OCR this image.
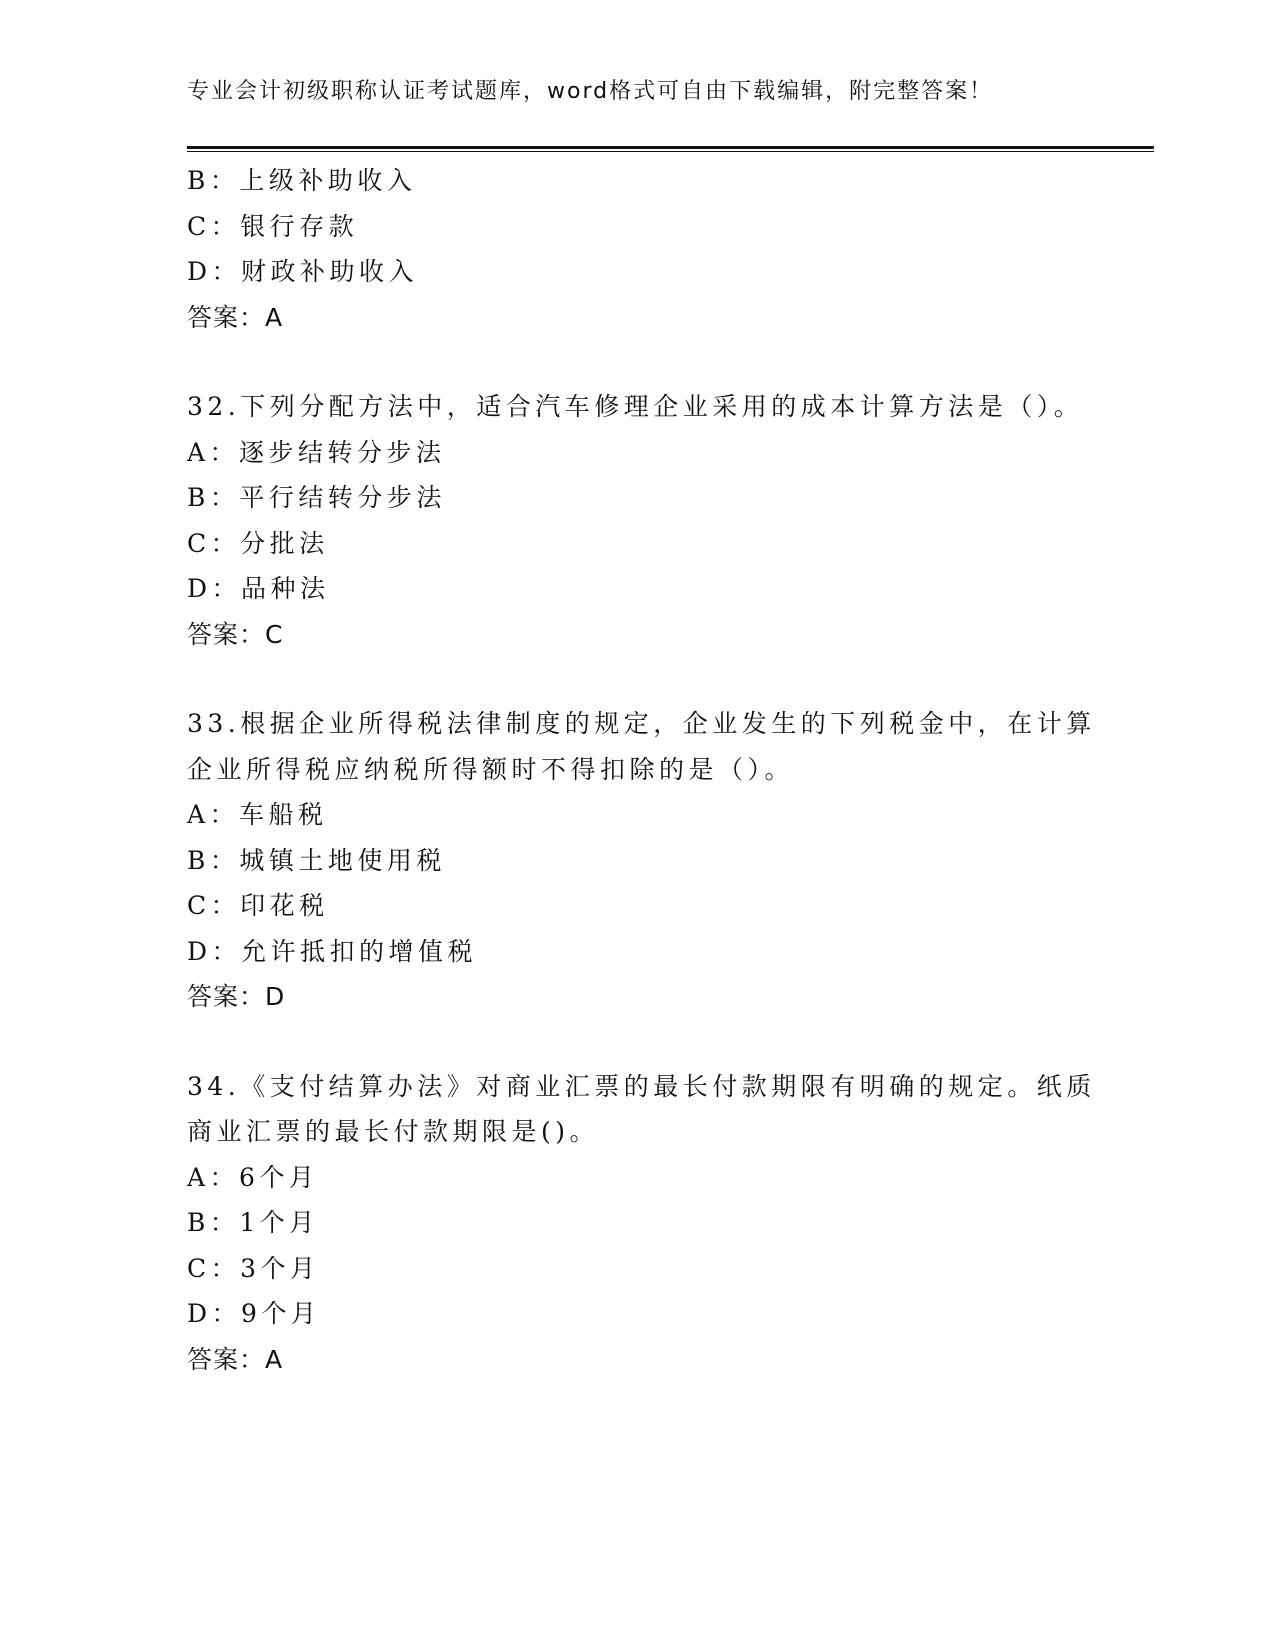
专业会计初级职称认证考试题库，word格式可自由下载编辑，附完整答案！
B：上级补助收入
C：银行存款
D：财政补助收入
答案：A
32.下列分配方法中，适合汽车修理企业采用的成本计算方法是（）。
A：逐步结转分步法
B：平行结转分步法
C：分批法
D：品种法
答案：C
33.根据企业所得税法律制度的规定，企业发生的下列税金中，在计算
企业所得税应纳税所得额时不得扣除的是（）。
A：车船税
B：城镇土地使用税
C：印花税
D：允许抵扣的增值税
答案：D
34.《支付结算办法》对商业汇票的最长付款期限有明确的规定。纸质
商业汇票的最长付款期限是()。
A：6个月
B：1个月
C：3个月
D：9个月
答案：A
